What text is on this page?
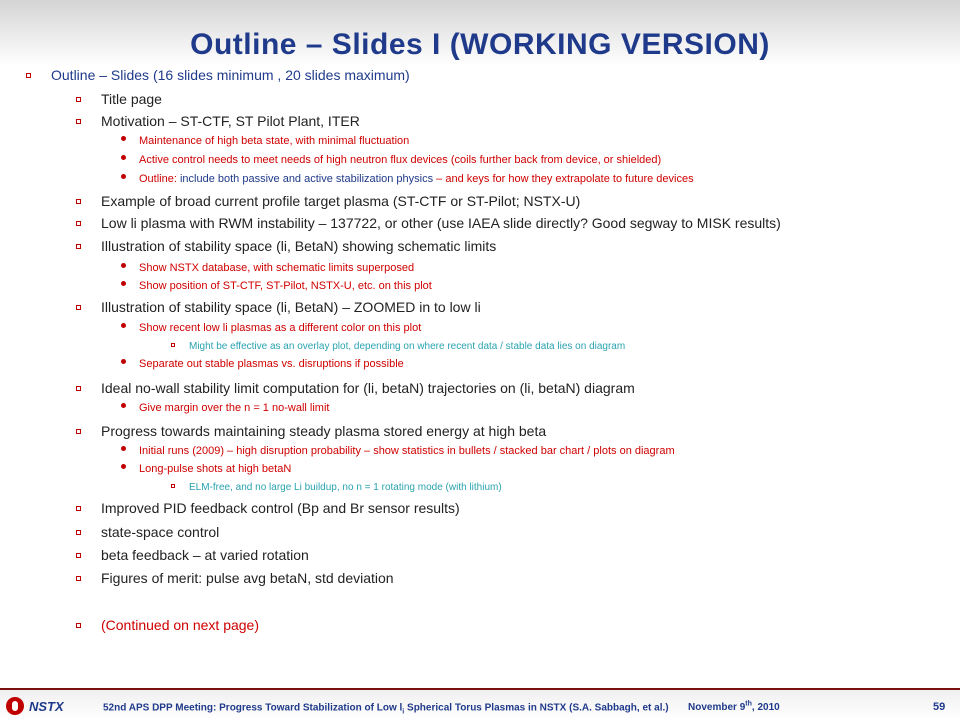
Outline – Slides I (WORKING VERSION)
Outline – Slides (16 slides minimum , 20 slides maximum)
Title page
Motivation – ST-CTF, ST Pilot Plant, ITER
Maintenance of high beta state, with minimal fluctuation
Active control needs to meet needs of high neutron flux devices (coils further back from device, or shielded)
Outline: include both passive and active stabilization physics – and keys for how they extrapolate to future devices
Example of broad current profile target plasma (ST-CTF or ST-Pilot; NSTX-U)
Low li plasma with RWM instability – 137722, or other (use IAEA slide directly? Good segway to MISK results)
Illustration of stability space (li, BetaN) showing schematic limits
Show NSTX database, with schematic limits superposed
Show position of ST-CTF, ST-Pilot, NSTX-U, etc. on this plot
Illustration of stability space (li, BetaN) – ZOOMED in to low li
Show recent low li plasmas as a different color on this plot
Might be effective as an overlay plot, depending on where recent data / stable data lies on diagram
Separate out stable plasmas vs. disruptions if possible
Ideal no-wall stability limit computation for (li, betaN) trajectories on (li, betaN) diagram
Give margin over the n = 1 no-wall limit
Progress towards maintaining steady plasma stored energy at high beta
Initial runs (2009) – high disruption probability – show statistics in bullets / stacked bar chart / plots on diagram
Long-pulse shots at high betaN
ELM-free, and no large Li buildup, no n = 1 rotating mode (with lithium)
Improved PID feedback control (Bp and Br sensor results)
state-space control
beta feedback – at varied rotation
Figures of merit: pulse avg betaN, std deviation
(Continued on next page)
NSTX	52nd APS DPP Meeting: Progress Toward Stabilization of Low $l_i$ Spherical Torus Plasmas in NSTX (S.A. Sabbagh, et al.) November 9th, 2010	59
